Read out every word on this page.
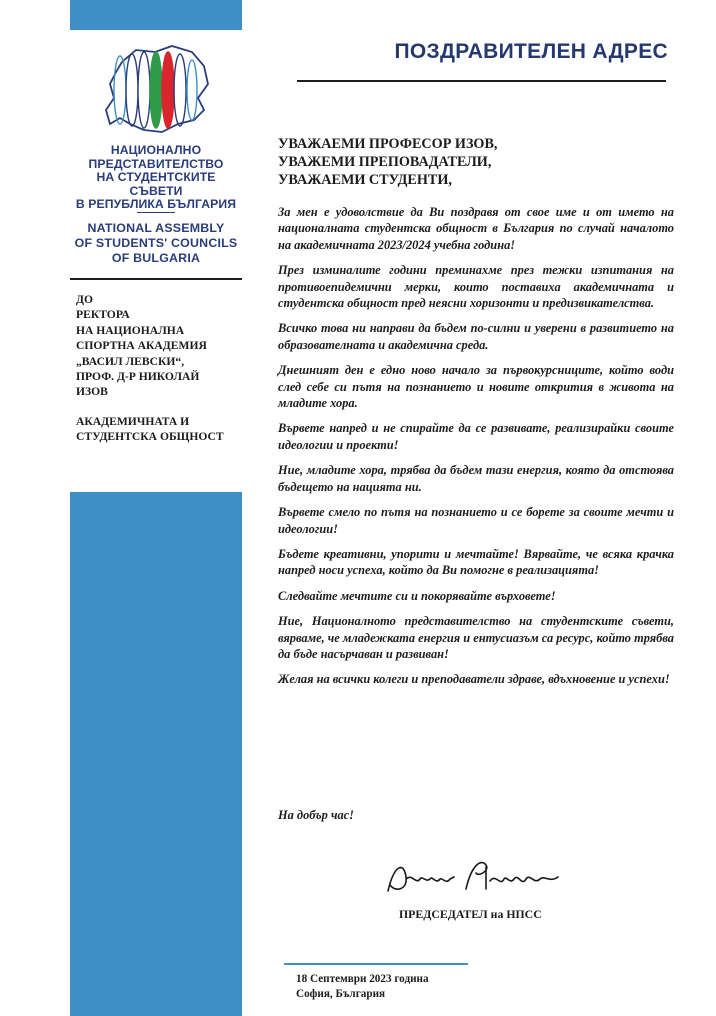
НАЦИОНАЛНО
ПРЕДСТАВИТЕЛСТВО
НА СТУДЕНТСКИТЕ СЪВЕТИ
В РЕПУБЛИКА БЪЛГАРИЯ
NATIONAL ASSEMBLY
OF STUDENTS' COUNCILS
OF BULGARIA
ДО
РЕКТОРА
НА НАЦИОНАЛНА
СПОРТНА АКАДЕМИЯ
„ВАСИЛ ЛЕВСКИ“,
ПРОФ. Д-Р НИКОЛАЙ
ИЗОВ
АКАДЕМИЧНАТА И
СТУДЕНТСКА ОБЩНОСТ
ПОЗДРАВИТЕЛЕН АДРЕС
УВАЖАЕМИ ПРОФЕСОР ИЗОВ,
УВАЖЕМИ ПРЕПОВАДАТЕЛИ,
УВАЖАЕМИ СТУДЕНТИ,

За мен е удоволствие да Ви поздравя от свое име и от името на националната студентска общност в България по случай началото на академичната 2023/2024 учебна година!

През изминалите години преминахме през тежки изпитания на противоепидемични мерки, които поставиха академичната и студентска общност пред неясни хоризонти и предизвикателства.

Всичко това ни направи да бъдем по-силни и уверени в развитието на образователната и академична среда.

Днешният ден е едно ново начало за първокурсниците, който води след себе си пътя на познанието и новите открития в живота на младите хора.

Вървете напред и не спирайте да се развивате, реализирайки своите идеологии и проекти!

Ние, младите хора, трябва да бъдем тази енергия, която да отстоява бъдещето на нацията ни.

Вървете смело по пътя на познанието и се борете за своите мечти и идеологии!

Бъдете креативни, упорити и мечтайте! Вярвайте, че всяка крачка напред носи успеха, който да Ви помогне в реализацията!

Следвайте мечтите си и покорявайте върховете!

Ние, Националното представителство на студентските съвети, вярваме, че младежката енергия и ентусиазъм са ресурс, който трябва да бъде насърчаван и развиван!

Желая на всички колеги и преподаватели здраве, вдъхновение и успехи!

На добър час!
ПРЕДСЕДАТЕЛ на НПСС
18 Септември 2023 година
София, България
